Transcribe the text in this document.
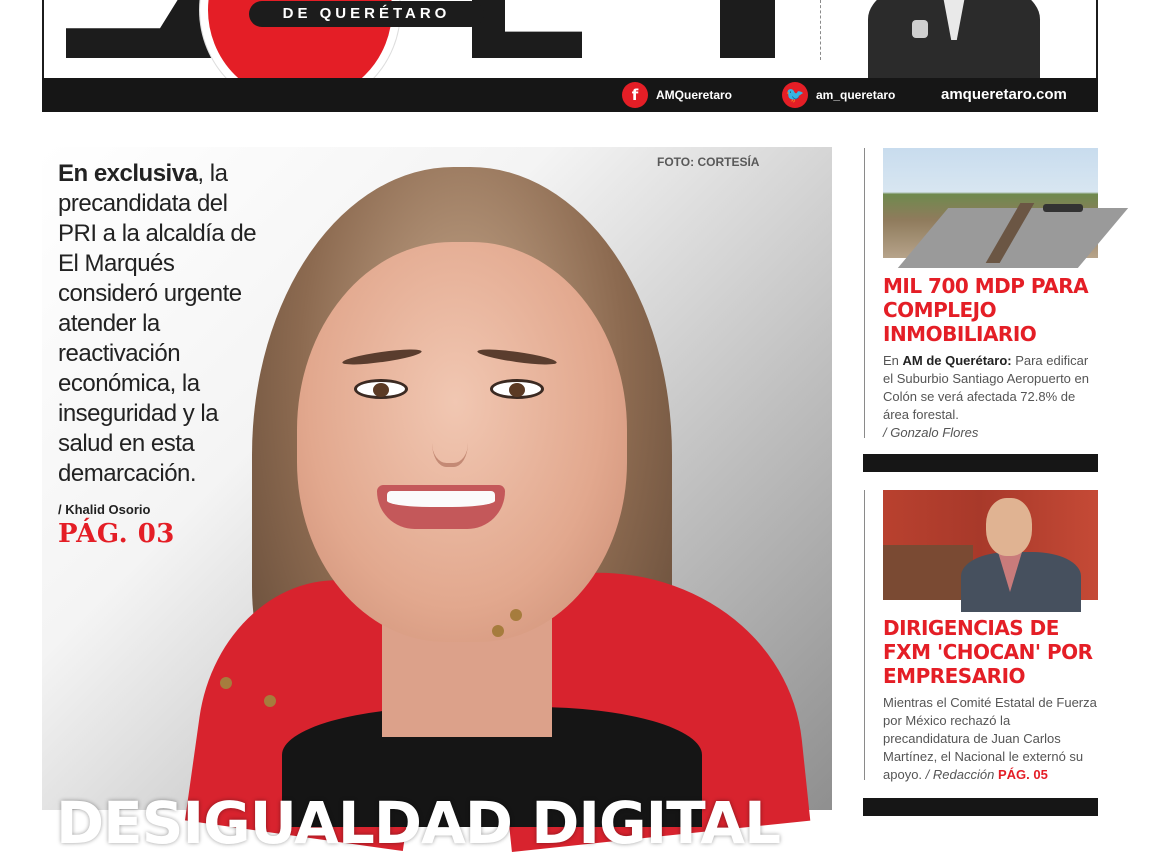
DE QUERÉTARO
f	AMQueretaro	🐦 am_queretaro	amqueretaro.com
FOTO: CORTESÍA

En exclusiva, la precandidata del PRI a la alcaldía de El Marqués consideró urgente atender la reactivación económica, la inseguridad y la salud en esta demarcación.

/ Khalid Osorio
PÁG. 03
DESIGUALDAD DIGITAL
MIL 700 MDP PARA COMPLEJO INMOBILIARIO

En AM de Querétaro: Para edificar el Suburbio Santiago Aeropuerto en Colón se verá afectada 72.8% de área forestal.
/ Gonzalo Flores

DIRIGENCIAS DE FXM 'CHOCAN' POR EMPRESARIO

Mientras el Comité Estatal de Fuerza por México rechazó la precandidatura de Juan Carlos Martínez, el Nacional le externó su apoyo. / Redacción PÁG. 05
